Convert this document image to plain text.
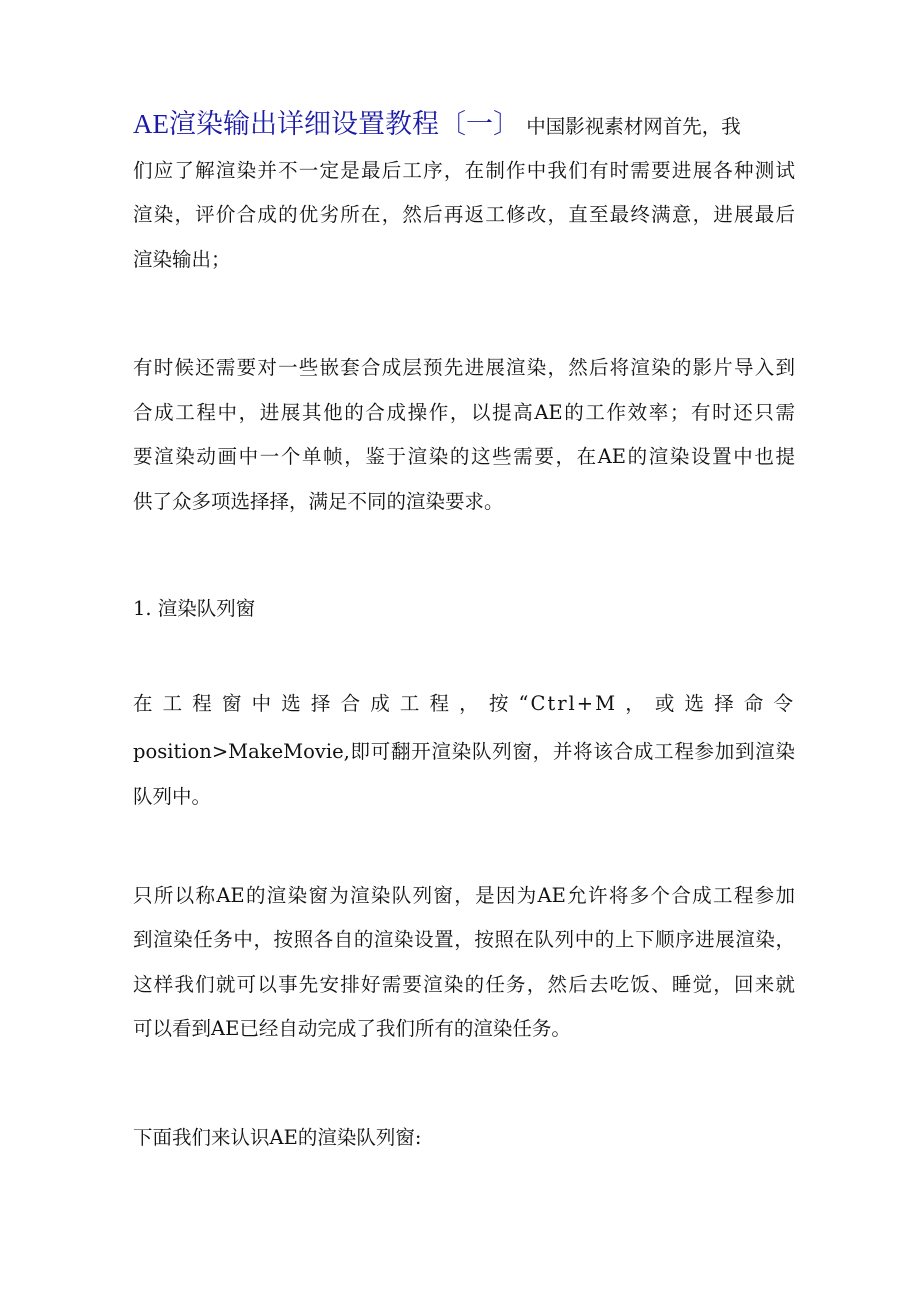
AE渲染输出详细设置教程〔一〕 中国影视素材网首先，我
们应了解渲染并不一定是最后工序，在制作中我们有时需要进展各种测试
渲染，评价合成的优劣所在，然后再返工修改，直至最终满意，进展最后
渲染输出；
有时候还需要对一些嵌套合成层预先进展渲染，然后将渲染的影片导入到
合成工程中，进展其他的合成操作，以提高AE的工作效率；有时还只需
要渲染动画中一个单帧，鉴于渲染的这些需要，在AE的渲染设置中也提
供了众多项选择择，满足不同的渲染要求。
1. 渲染队列窗
在工程窗中选择合成工程，按“Ctrl+M，或选择命令
position>MakeMovie,即可翻开渲染队列窗，并将该合成工程参加到渲染
队列中。
只所以称AE的渲染窗为渲染队列窗，是因为AE允许将多个合成工程参加
到渲染任务中，按照各自的渲染设置，按照在队列中的上下顺序进展渲染，
这样我们就可以事先安排好需要渲染的任务，然后去吃饭、睡觉，回来就
可以看到AE已经自动完成了我们所有的渲染任务。
下面我们来认识AE的渲染队列窗:
